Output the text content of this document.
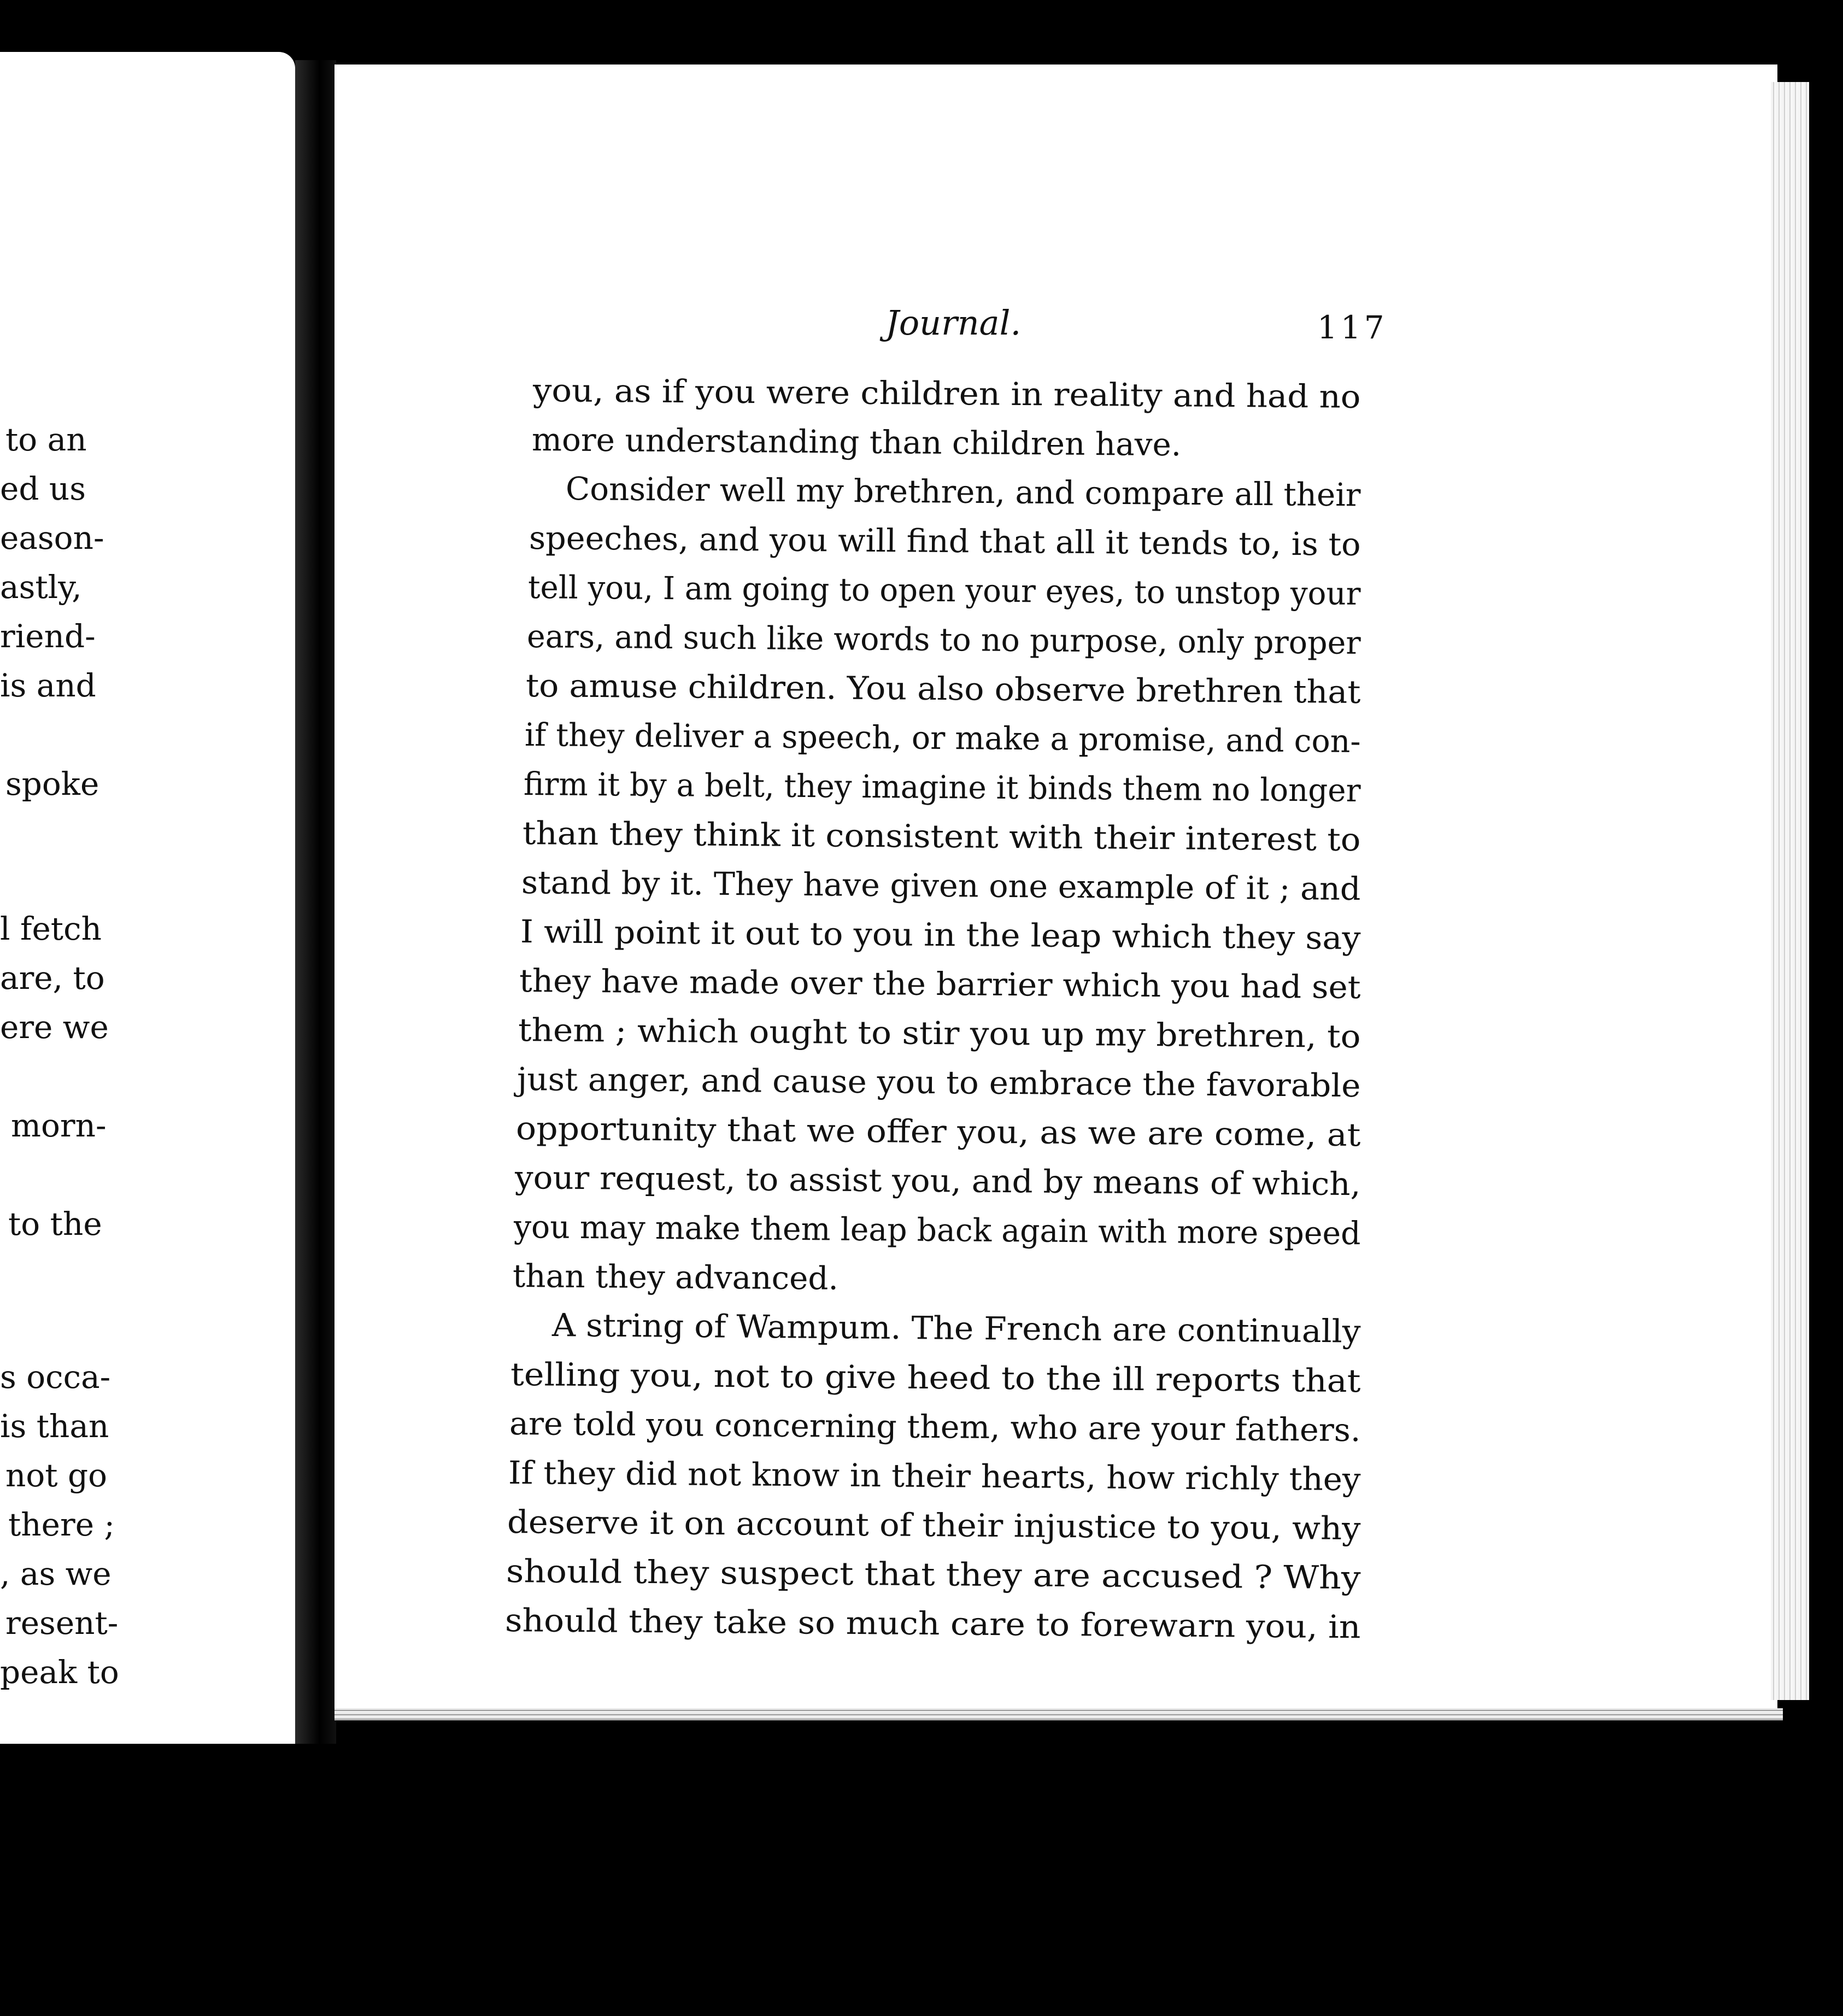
to an
ed us
eason-
astly,
riend-
is and
spoke
l fetch
are, to
ere we
morn-
to the
s occa-
is than
not go
there ;
, as we
resent-
peak to
Journal.	117
you, as if you were children in reality and had no
more understanding than children have.
Consider well my brethren, and compare all their
speeches, and you will find that all it tends to, is to
tell you, I am going to open your eyes, to unstop your
ears, and such like words to no purpose, only proper
to amuse children. You also observe brethren that
if they deliver a speech, or make a promise, and con-
firm it by a belt, they imagine it binds them no longer
than they think it consistent with their interest to
stand by it. They have given one example of it ; and
I will point it out to you in the leap which they say
they have made over the barrier which you had set
them ; which ought to stir you up my brethren, to
just anger, and cause you to embrace the favorable
opportunity that we offer you, as we are come, at
your request, to assist you, and by means of which,
you may make them leap back again with more speed
than they advanced.
A string of Wampum. The French are continually
telling you, not to give heed to the ill reports that
are told you concerning them, who are your fathers.
If they did not know in their hearts, how richly they
deserve it on account of their injustice to you, why
should they suspect that they are accused ? Why
should they take so much care to forewarn you, in
